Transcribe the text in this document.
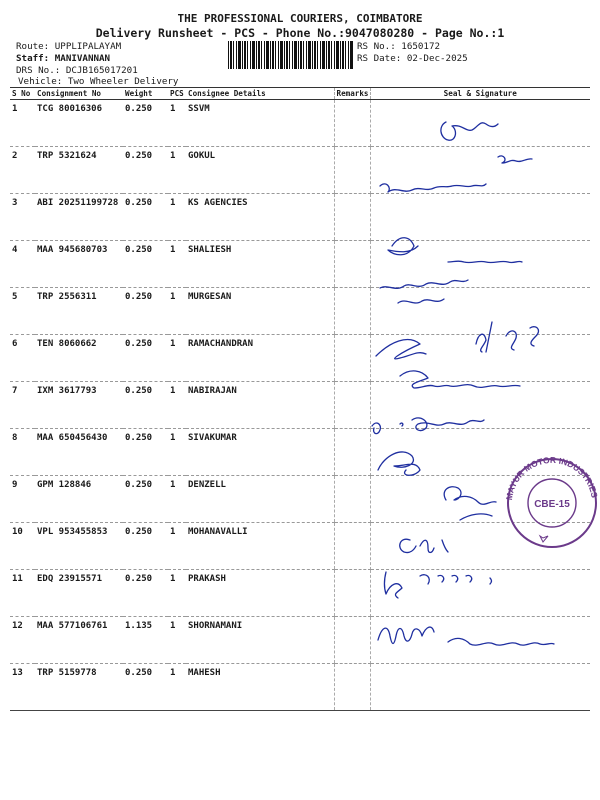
THE PROFESSIONAL COURIERS, COIMBATORE
Delivery Runsheet - PCS - Phone No.:9047080280 - Page No.:1
Route: UPPLIPALAYAM
Staff: MANIVANNAN
DRS No.: DCJB165017201
Vehicle: Two Wheeler Delivery
RS No.: 1650172
RS Date: 02-Dec-2025
S No	Consignment No	Weight	PCS	Consignee Details	Remarks	Seal & Signature
1	TCG 80016306	0.250	1	SSVM		
2	TRP 5321624	0.250	1	GOKUL		
3	ABI 20251199728	0.250	1	KS AGENCIES		
4	MAA 945680703	0.250	1	SHALIESH		
5	TRP 2556311	0.250	1	MURGESAN		
6	TEN 8060662	0.250	1	RAMACHANDRAN		
7	IXM 3617793	0.250	1	NABIRAJAN		
8	MAA 650456430	0.250	1	SIVAKUMAR		
9	GPM 128846	0.250	1	DENZELL		
10	VPL 953455853	0.250	1	MOHANAVALLI		
11	EDQ 23915571	0.250	1	PRAKASH		
12	MAA 577106761	1.135	1	SHORNAMANI		
13	TRP 5159778	0.250	1	MAHESH		
MAYUR MOTOR INDUSTRIES
CBE-15
